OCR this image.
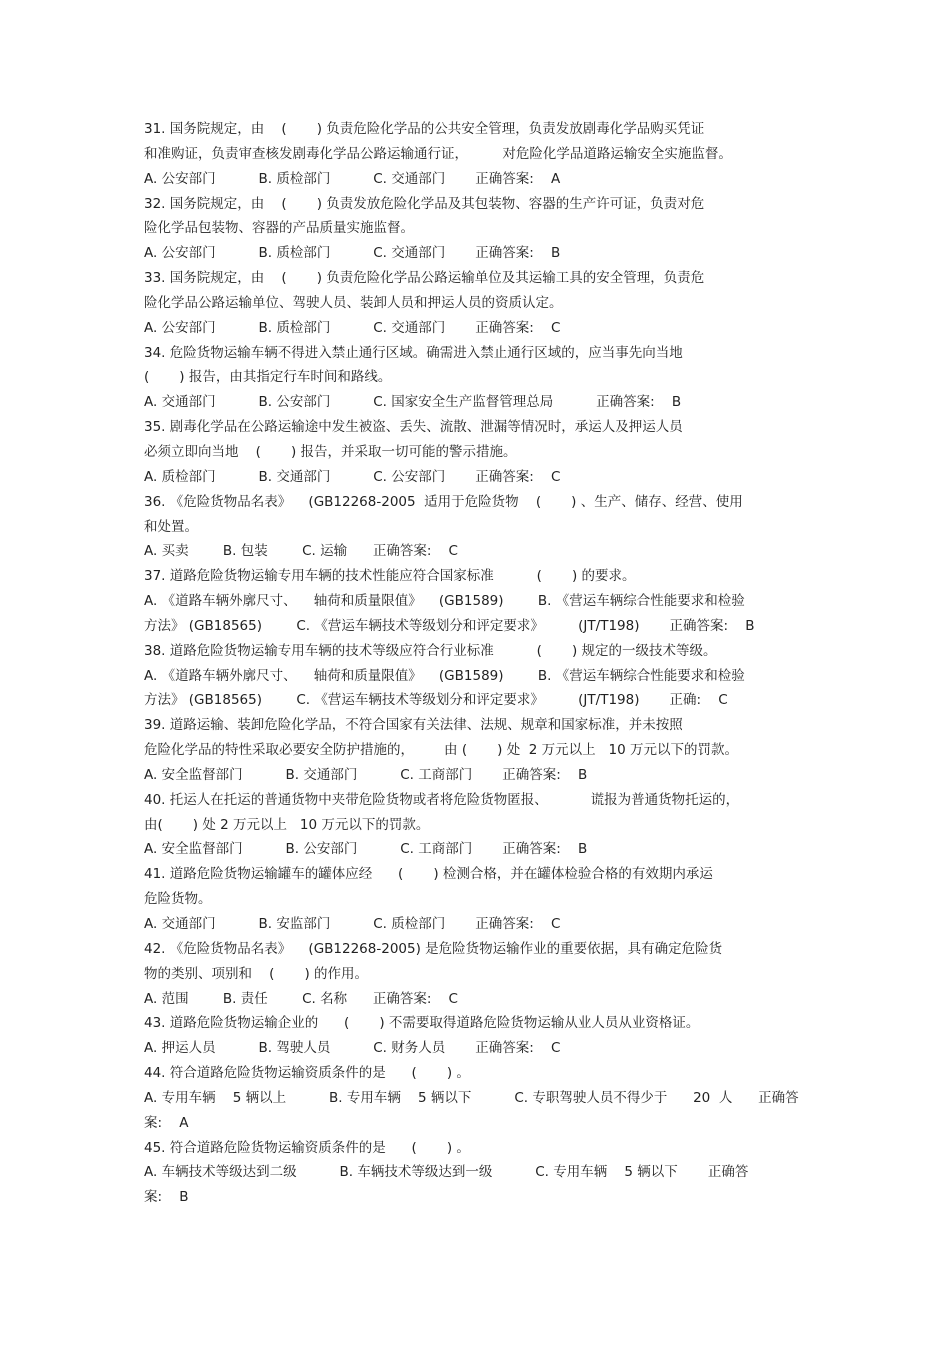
31. 国务院规定，由    (       ) 负责危险化学品的公共安全管理，负责发放剧毒化学品购买凭证
和准购证，负责审查核发剧毒化学品公路运输通行证，        对危险化学品道路运输安全实施监督。
A. 公安部门          B. 质检部门          C. 交通部门       正确答案:    A
32. 国务院规定，由    (       ) 负责发放危险化学品及其包装物、容器的生产许可证，负责对危
险化学品包装物、容器的产品质量实施监督。
A. 公安部门          B. 质检部门          C. 交通部门       正确答案:    B
33. 国务院规定，由    (       ) 负责危险化学品公路运输单位及其运输工具的安全管理，负责危
险化学品公路运输单位、驾驶人员、装卸人员和押运人员的资质认定。
A. 公安部门          B. 质检部门          C. 交通部门       正确答案:    C
34. 危险货物运输车辆不得进入禁止通行区域。确需进入禁止通行区域的，应当事先向当地
(       ) 报告，由其指定行车时间和路线。
A. 交通部门          B. 公安部门          C. 国家安全生产监督管理总局          正确答案:    B
35. 剧毒化学品在公路运输途中发生被盗、丢失、流散、泄漏等情况时，承运人及押运人员
必须立即向当地    (       ) 报告，并采取一切可能的警示措施。
A. 质检部门          B. 交通部门          C. 公安部门       正确答案:    C
36. 《危险货物品名表》    (GB12268-2005  适用于危险货物    (       ) 、生产、储存、经营、使用
和处置。
A. 买卖        B. 包装        C. 运输      正确答案:    C
37. 道路危险货物运输专用车辆的技术性能应符合国家标准          (       ) 的要求。
A. 《道路车辆外廓尺寸、    轴荷和质量限值》    (GB1589)        B. 《营运车辆综合性能要求和检验
方法》 (GB18565)        C. 《营运车辆技术等级划分和评定要求》        (JT/T198)       正确答案:    B
38. 道路危险货物运输专用车辆的技术等级应符合行业标准          (       ) 规定的一级技术等级。
A. 《道路车辆外廓尺寸、    轴荷和质量限值》    (GB1589)        B. 《营运车辆综合性能要求和检验
方法》 (GB18565)        C. 《营运车辆技术等级划分和评定要求》        (JT/T198)       正确:    C
39. 道路运输、装卸危险化学品，不符合国家有关法律、法规、规章和国家标准，并未按照
危险化学品的特性采取必要安全防护措施的，       由 (       ) 处  2 万元以上   10 万元以下的罚款。
A. 安全监督部门          B. 交通部门          C. 工商部门       正确答案:    B
40. 托运人在托运的普通货物中夹带危险货物或者将危险货物匿报、          谎报为普通货物托运的，
由(       ) 处 2 万元以上   10 万元以下的罚款。
A. 安全监督部门          B. 公安部门          C. 工商部门       正确答案:    B
41. 道路危险货物运输罐车的罐体应经      (       ) 检测合格，并在罐体检验合格的有效期内承运
危险货物。
A. 交通部门          B. 安监部门          C. 质检部门       正确答案:    C
42. 《危险货物品名表》    (GB12268-2005) 是危险货物运输作业的重要依据，具有确定危险货
物的类别、项别和    (       ) 的作用。
A. 范围        B. 责任        C. 名称      正确答案:    C
43. 道路危险货物运输企业的      (       ) 不需要取得道路危险货物运输从业人员从业资格证。
A. 押运人员          B. 驾驶人员          C. 财务人员       正确答案:    C
44. 符合道路危险货物运输资质条件的是      (       ) 。
A. 专用车辆    5 辆以上          B. 专用车辆    5 辆以下          C. 专职驾驶人员不得少于      20  人      正确答
案:    A
45. 符合道路危险货物运输资质条件的是      (       ) 。
A. 车辆技术等级达到二级          B. 车辆技术等级达到一级          C. 专用车辆    5 辆以下       正确答
案:    B
